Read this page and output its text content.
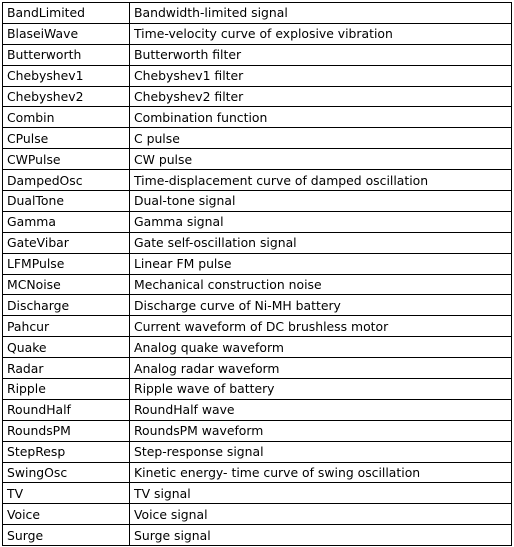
BandLimited	Bandwidth-limited signal
BlaseiWave	Time-velocity curve of explosive vibration
Butterworth	Butterworth filter
Chebyshev1	Chebyshev1 filter
Chebyshev2	Chebyshev2 filter
Combin	Combination function
CPulse	C pulse
CWPulse	CW pulse
DampedOsc	Time-displacement curve of damped oscillation
DualTone	Dual-tone signal
Gamma	Gamma signal
GateVibar	Gate self-oscillation signal
LFMPulse	Linear FM pulse
MCNoise	Mechanical construction noise
Discharge	Discharge curve of Ni-MH battery
Pahcur	Current waveform of DC brushless motor
Quake	Analog quake waveform
Radar	Analog radar waveform
Ripple	Ripple wave of battery
RoundHalf	RoundHalf wave
RoundsPM	RoundsPM waveform
StepResp	Step-response signal
SwingOsc	Kinetic energy- time curve of swing oscillation
TV	TV signal
Voice	Voice signal
Surge	Surge signal
